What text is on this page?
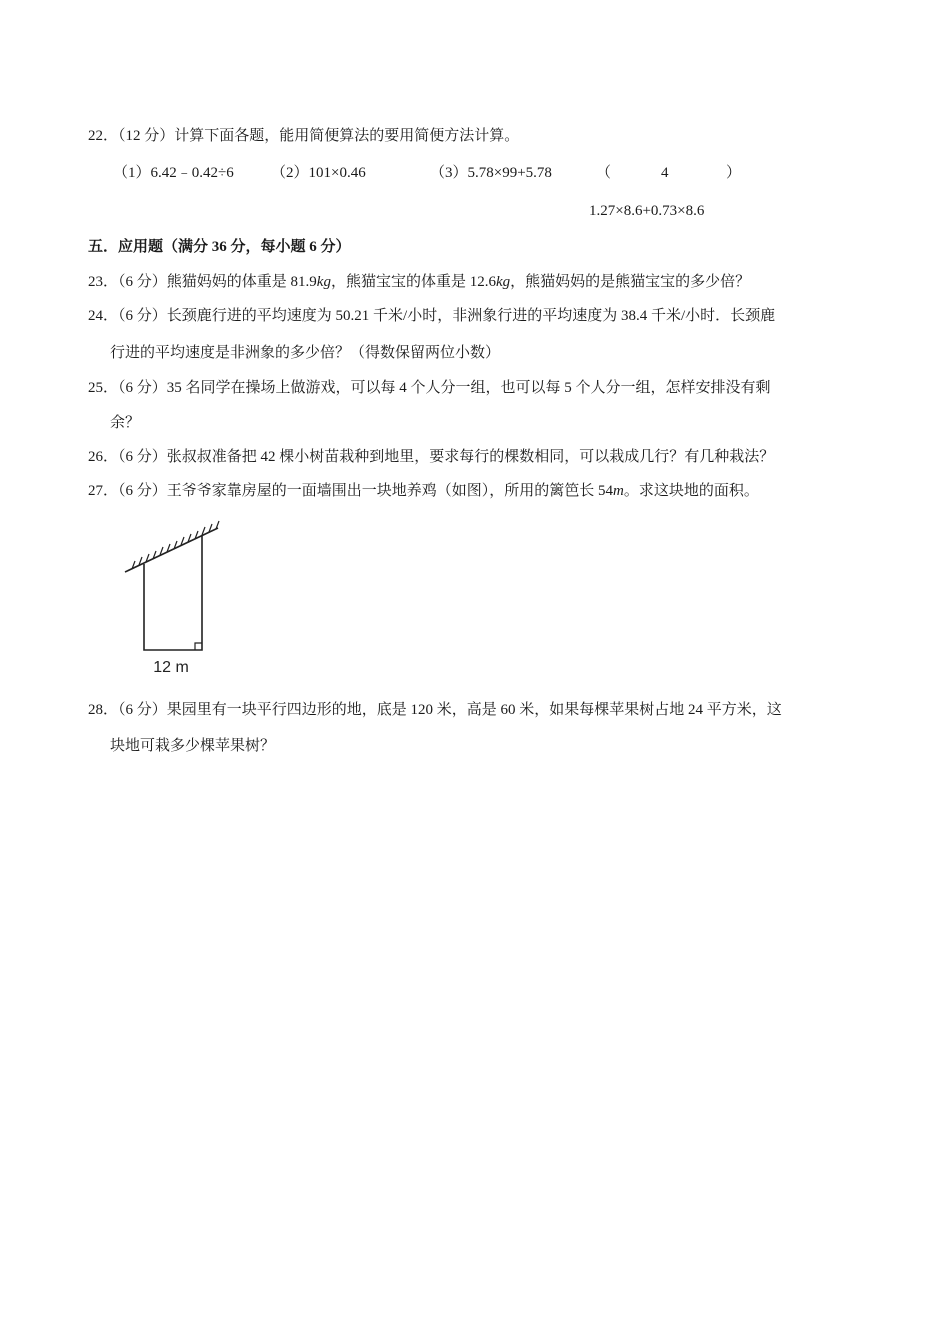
22．（12 分）计算下面各题，能用简便算法的要用简便方法计算。
（1）6.42﹣0.42÷6 （2）101×0.46	（3）5.78×99+5.78	（	4	）
1.27×8.6+0.73×8.6
五．应用题（满分 36 分，每小题 6 分）
23．（6 分）熊猫妈妈的体重是 81.9kg，熊猫宝宝的体重是 12.6kg，熊猫妈妈的是熊猫宝宝的多少倍？
24．（6 分）长颈鹿行进的平均速度为 50.21 千米/小时，非洲象行进的平均速度为 38.4 千米/小时．长颈鹿
行进的平均速度是非洲象的多少倍？（得数保留两位小数）
25．（6 分）35 名同学在操场上做游戏，可以每 4 个人分一组，也可以每 5 个人分一组，怎样安排没有剩
余？
26．（6 分）张叔叔准备把 42 棵小树苗栽种到地里，要求每行的棵数相同，可以栽成几行？有几种栽法？
27．（6 分）王爷爷家靠房屋的一面墙围出一块地养鸡（如图），所用的篱笆长 54m。求这块地的面积。
12 m
28．（6 分）果园里有一块平行四边形的地，底是 120 米，高是 60 米，如果每棵苹果树占地 24 平方米，这
块地可栽多少棵苹果树？
